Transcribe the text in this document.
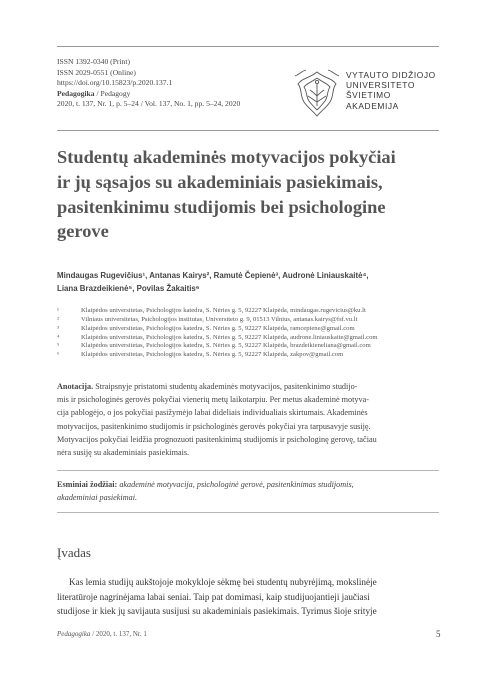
ISSN 1392-0340 (Print)
ISSN 2029-0551 (Online)
https://doi.org/10.15823/p.2020.137.1
Pedagogika / Pedagogy
2020, t. 137, Nr. 1, p. 5–24 / Vol. 137, No. 1, pp. 5–24, 2020
VYTAUTO DIDŽIOJO
UNIVERSITETO
ŠVIETIMO
AKADEMIJA
Studentų akademinės motyvacijos pokyčiai
ir jų sąsajos su akademiniais pasiekimais,
pasitenkinimu studijomis bei psichologine
gerove
Mindaugas Rugevičius¹, Antanas Kairys², Ramutė Čepienė³, Audronė Liniauskaitė⁴,
Liana Brazdeikienė⁵, Povilas Žakaitis⁶
¹	Klaipėdos universitetas, Psichologijos katedra, S. Nėries g. 5, 92227 Klaipėda, mindaugas.rugevicius@ku.lt
²	Vilniaus universitetas, Psichologijos institutas, Universiteto g. 9, 01513 Vilnius, antanas.kairys@fsf.vu.lt
³	Klaipėdos universitetas, Psichologijos katedra, S. Nėries g. 5, 92227 Klaipėda, ramcepiene@gmail.com
⁴	Klaipėdos universitetas, Psichologijos katedra, S. Nėries g. 5, 92227 Klaipėda, audrone.liniauskaite@gmail.com
⁵	Klaipėdos universitetas, Psichologijos katedra, S. Nėries g. 5, 92227 Klaipėda, brazdeikieneliana@gmail.com
⁶	Klaipėdos universitetas, Psichologijos katedra, S. Nėries g. 5, 92227 Klaipėda, zakpov@gmail.com
Anotacija. Straipsnyje pristatomi studentų akademinės motyvacijos, pasitenkinimo studijo-
mis ir psichologinės gerovės pokyčiai vienerių metų laikotarpiu. Per metus akademinė motyva-
cija pablogėjo, o jos pokyčiai pasižymėjo labai dideliais individualiais skirtumais. Akademinės
motyvacijos, pasitenkinimo studijomis ir psichologinės gerovės pokyčiai yra tarpusavyje susiję.
Motyvacijos pokyčiai leidžia prognozuoti pasitenkinimą studijomis ir psichologinę gerovę, tačiau
nėra susiję su akademiniais pasiekimais.
Esminiai žodžiai: akademinė motyvacija, psichologinė gerovė, pasitenkinimas studijomis,
akademiniai pasiekimai.
Įvadas
Kas lemia studijų aukštojoje mokykloje sėkmę bei studentų nubyrėjimą, mokslinėje
literatūroje nagrinėjama labai seniai. Taip pat domimasi, kaip studijuojantieji jaučiasi
studijose ir kiek jų savijauta susijusi su akademiniais pasiekimais. Tyrimus šioje srityje
Pedagogika / 2020, t. 137, Nr. 1	5
